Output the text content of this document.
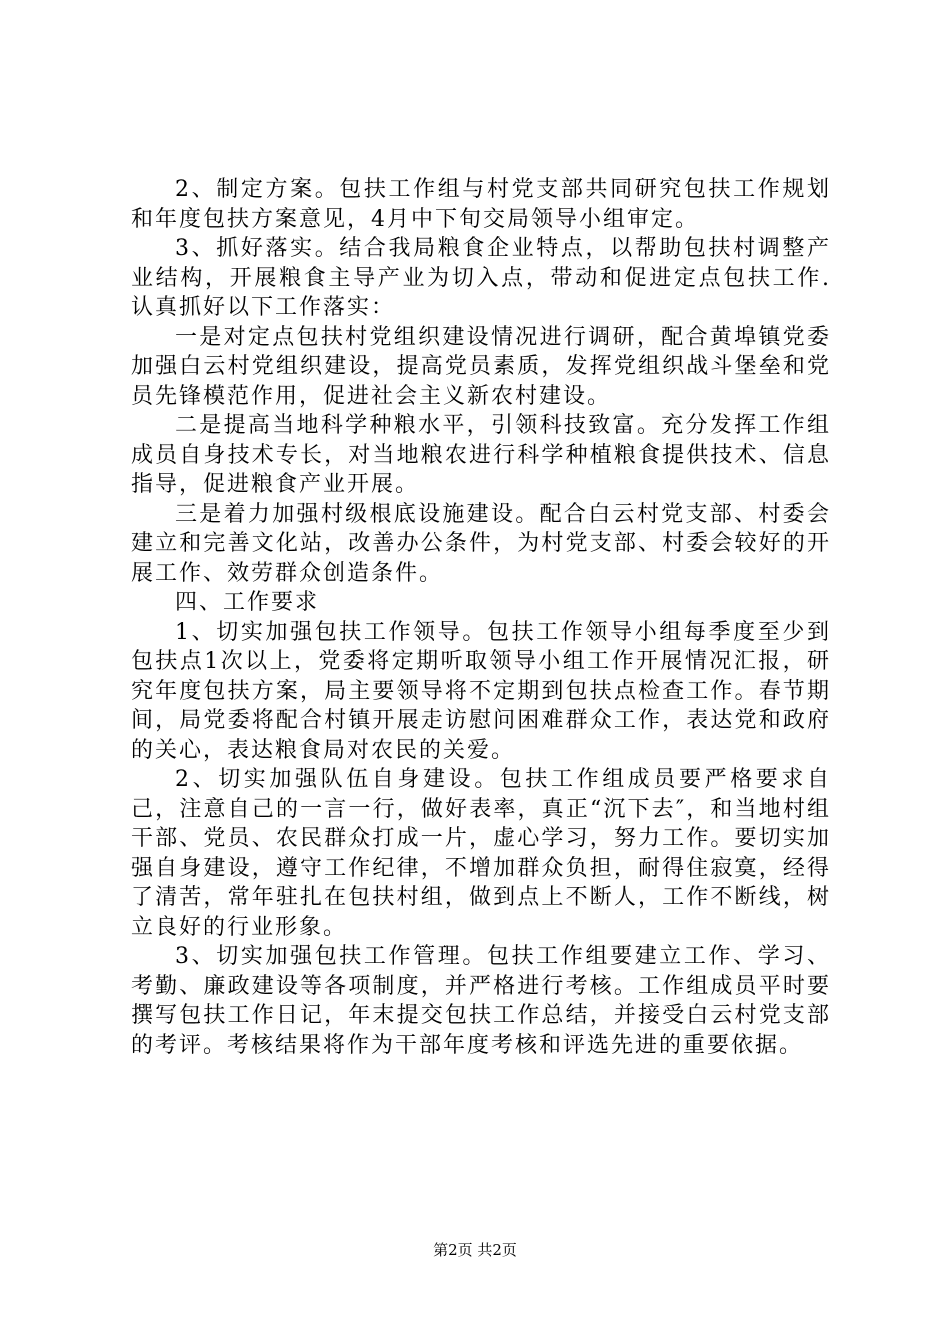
2、制定方案。包扶工作组与村党支部共同研究包扶工作规划和年度包扶方案意见，4月中下旬交局领导小组审定。

3、抓好落实。结合我局粮食企业特点，以帮助包扶村调整产业结构，开展粮食主导产业为切入点，带动和促进定点包扶工作.认真抓好以下工作落实：

一是对定点包扶村党组织建设情况进行调研，配合黄埠镇党委加强白云村党组织建设，提高党员素质，发挥党组织战斗堡垒和党员先锋模范作用，促进社会主义新农村建设。

二是提高当地科学种粮水平，引领科技致富。充分发挥工作组成员自身技术专长，对当地粮农进行科学种植粮食提供技术、信息指导，促进粮食产业开展。

三是着力加强村级根底设施建设。配合白云村党支部、村委会建立和完善文化站，改善办公条件，为村党支部、村委会较好的开展工作、效劳群众创造条件。

四、工作要求

1、切实加强包扶工作领导。包扶工作领导小组每季度至少到包扶点1次以上，党委将定期听取领导小组工作开展情况汇报，研究年度包扶方案，局主要领导将不定期到包扶点检查工作。春节期间，局党委将配合村镇开展走访慰问困难群众工作，表达党和政府的关心，表达粮食局对农民的关爱。

2、切实加强队伍自身建设。包扶工作组成员要严格要求自己，注意自己的一言一行，做好表率，真正“沉下去″，和当地村组干部、党员、农民群众打成一片，虚心学习，努力工作。要切实加强自身建设，遵守工作纪律，不增加群众负担，耐得住寂寞，经得了清苦，常年驻扎在包扶村组，做到点上不断人，工作不断线，树立良好的行业形象。

3、切实加强包扶工作管理。包扶工作组要建立工作、学习、考勤、廉政建设等各项制度，并严格进行考核。工作组成员平时要撰写包扶工作日记，年末提交包扶工作总结，并接受白云村党支部的考评。考核结果将作为干部年度考核和评选先进的重要依据。

第2页 共2页
